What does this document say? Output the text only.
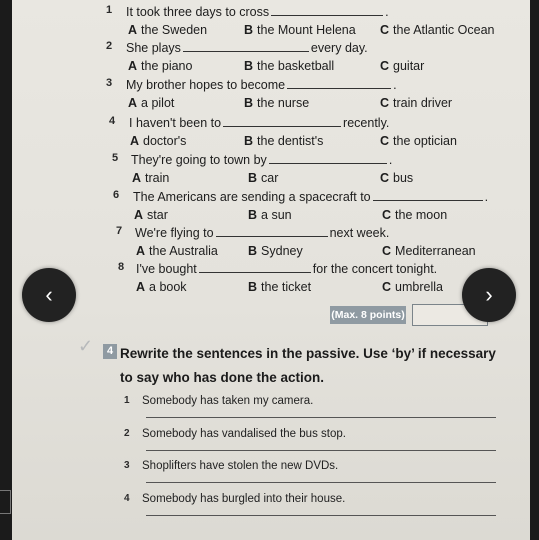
1 It took three days to cross	.
A the Sweden	B the Mount Helena C the Atlantic Ocean
2 She plays	every day.
A the piano	B the basketball	C guitar
3 My brother hopes to become	.
A a pilot	B the nurse	C train driver
4 I haven't been to	recently.
A doctor's	B the dentist's	C the optician
5 They're going to town by	.
A train	B car	C bus
6 The Americans are sending a spacecraft to	.
A star	B a sun	C the moon
7 We're flying to	next week.
A the Australia B Sydney	C Mediterranean
8 I've bought	for the concert tonight.
A a book	B the ticket	C umbrella
(Max. 8 points)
✓	4 Rewrite the sentences in the passive. Use ‘by’ if necessary to say who has done the action.
1 Somebody has taken my camera.
2 Somebody has vandalised the bus stop.
3 Shoplifters have stolen the new DVDs.
4 Somebody has burgled into their house.
‹	›
